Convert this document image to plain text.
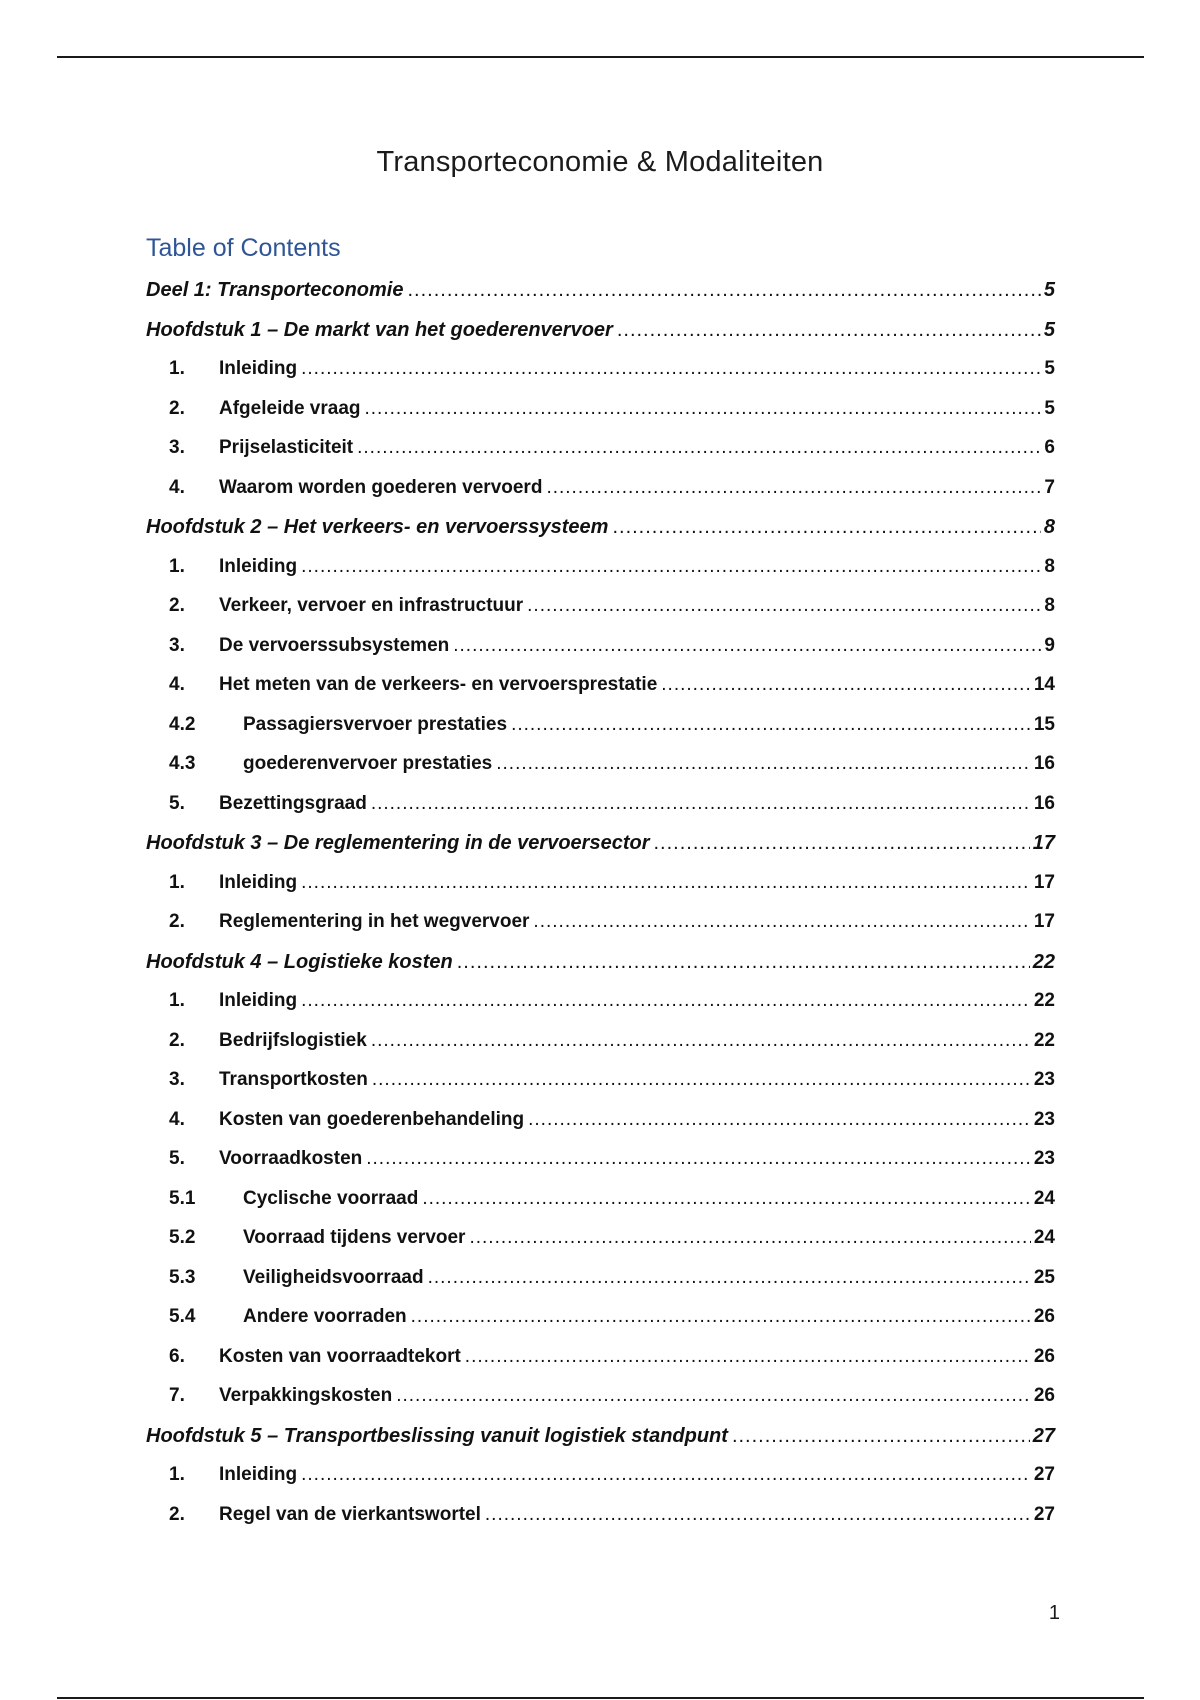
Transporteconomie & Modaliteiten
Table of Contents
Deel 1: Transporteconomie .....	5
Hoofdstuk 1 – De markt van het goederenvervoer .....	5
1.	Inleiding .....	5
2.	Afgeleide vraag .....	5
3.	Prijselasticiteit .....	6
4.	Waarom worden goederen vervoerd .....	7
Hoofdstuk 2 – Het verkeers- en vervoerssysteem .....	8
1.	Inleiding .....	8
2.	Verkeer, vervoer en infrastructuur .....	8
3.	De vervoerssubsystemen .....	9
4.	Het meten van de verkeers- en vervoersprestatie .....	14
4.2	Passagiersvervoer prestaties .....	15
4.3	goederenvervoer prestaties .....	16
5.	Bezettingsgraad .....	16
Hoofdstuk 3 – De reglementering in de vervoersector .....	17
1.	Inleiding .....	17
2.	Reglementering in het wegvervoer .....	17
Hoofdstuk 4 – Logistieke kosten .....	22
1.	Inleiding .....	22
2.	Bedrijfslogistiek .....	22
3.	Transportkosten .....	23
4.	Kosten van goederenbehandeling .....	23
5.	Voorraadkosten .....	23
5.1	Cyclische voorraad .....	24
5.2	Voorraad tijdens vervoer .....	24
5.3	Veiligheidsvoorraad .....	25
5.4	Andere voorraden .....	26
6.	Kosten van voorraadtekort .....	26
7.	Verpakkingskosten .....	26
Hoofdstuk 5 – Transportbeslissing vanuit logistiek standpunt .....	27
1.	Inleiding .....	27
2.	Regel van de vierkantswortel .....	27

1
